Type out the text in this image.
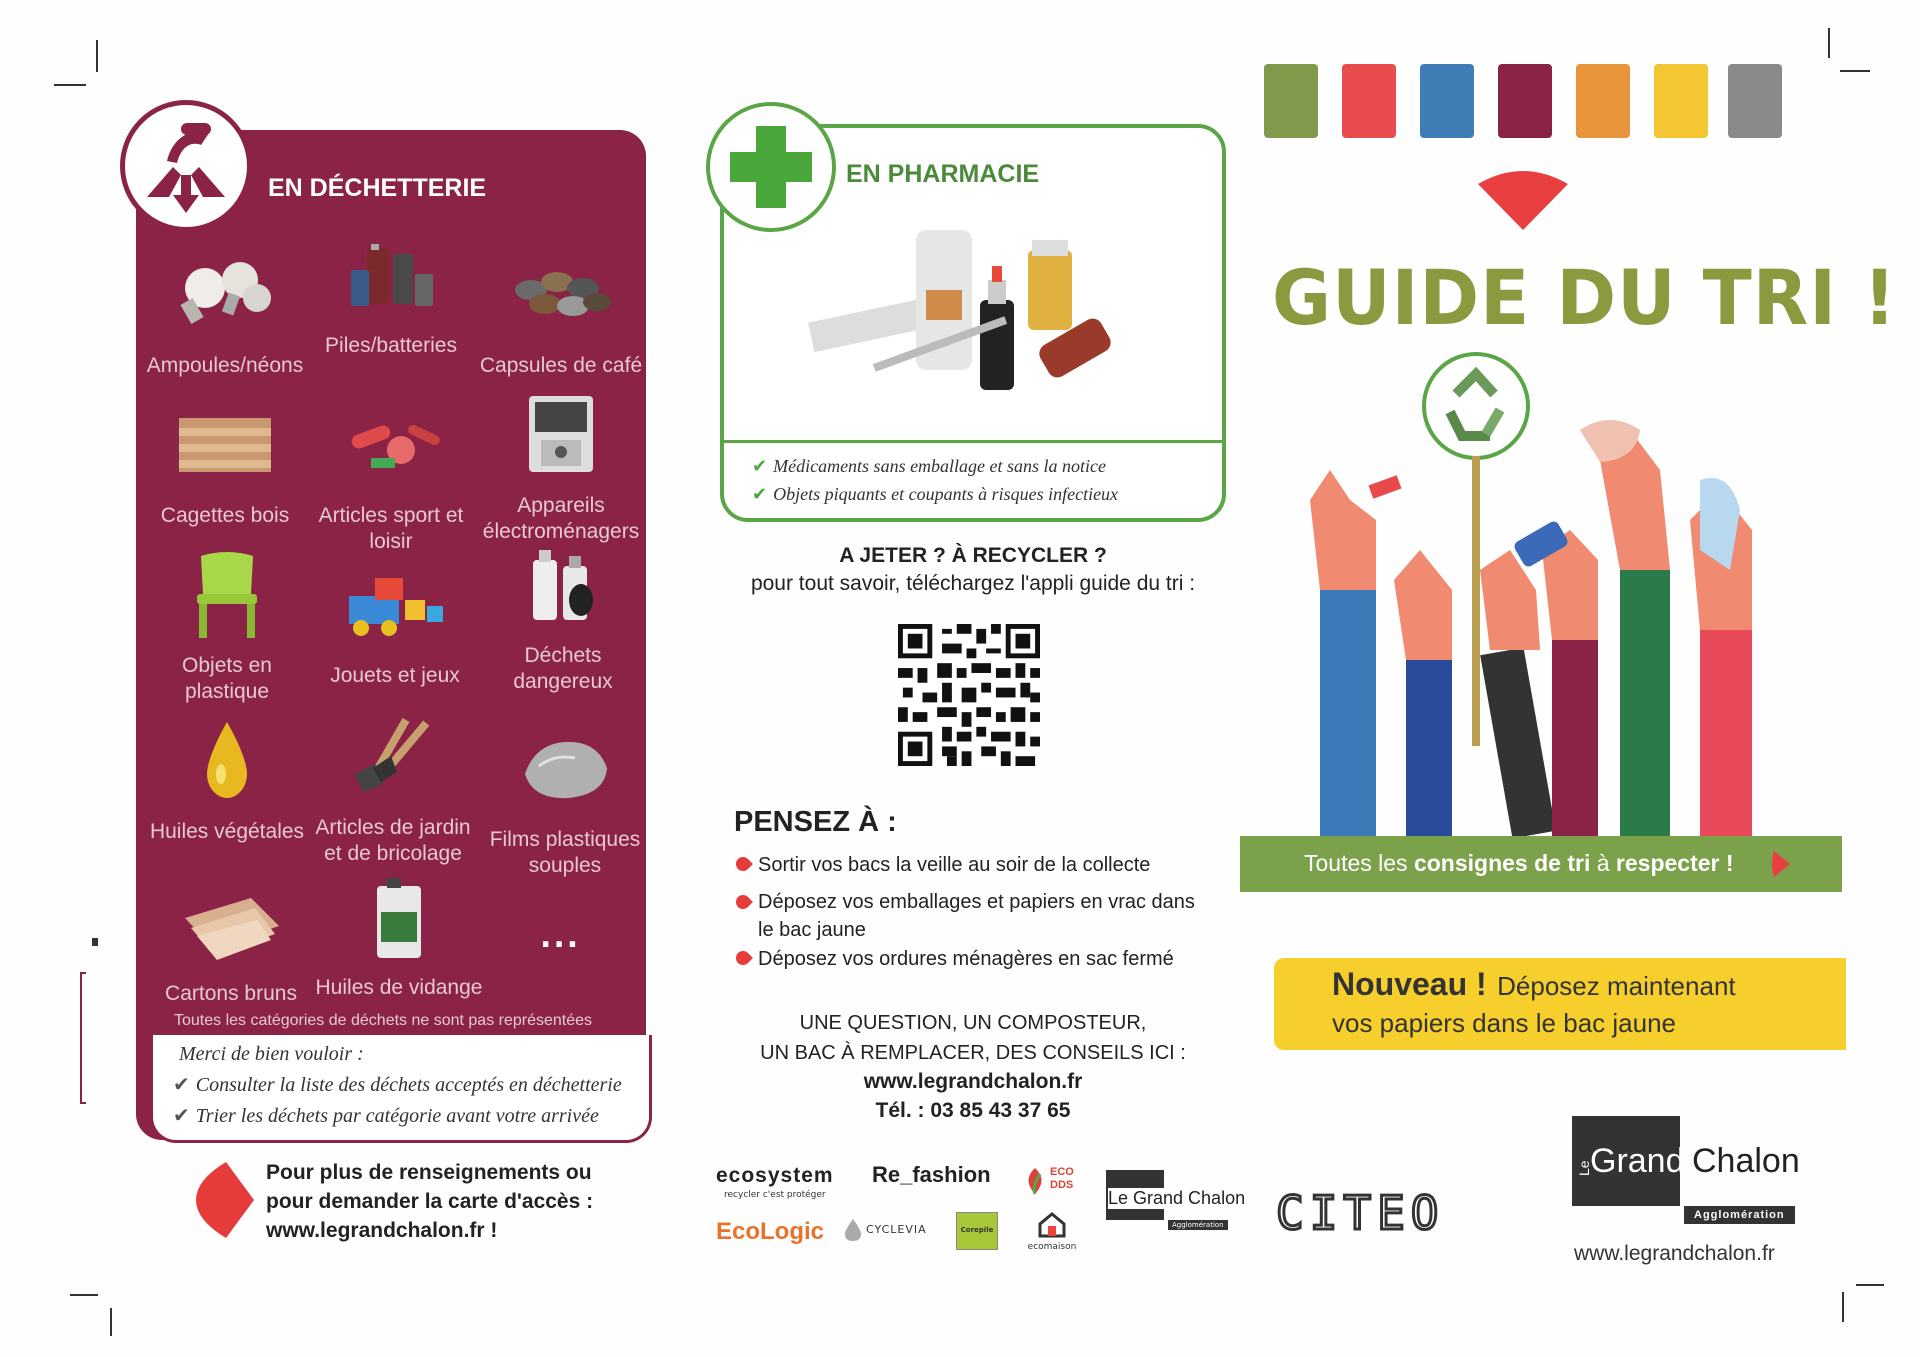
EN DÉCHETTERIE
Ampoules/néons
Piles/batteries
Capsules de café
Cagettes bois	Articles sport et loisir
Appareils électroménagers
Objets en plastique
Jouets et jeux
Déchets dangereux
Huiles végétales Articles de jardin et de bricolage
Films plastiques souples
Cartons bruns Huiles de vidange
...
Toutes les catégories de déchets ne sont pas représentées
Merci de bien vouloir :
✔ Consulter la liste des déchets acceptés en déchetterie
✔ Trier les déchets par catégorie avant votre arrivée
Pour plus de renseignements ou pour demander la carte d'accès : www.legrandchalon.fr !
EN PHARMACIE
✔ Médicaments sans emballage et sans la notice
✔ Objets piquants et coupants à risques infectieux
A JETER ? À RECYCLER ?
pour tout savoir, téléchargez l'appli guide du tri :
PENSEZ À :
Sortir vos bacs la veille au soir de la collecte
Déposez vos emballages et papiers en vrac dans le bac jaune
Déposez vos ordures ménagères en sac fermé
UNE QUESTION, UN COMPOSTEUR,
UN BAC À REMPLACER, DES CONSEILS ICI :
www.legrandchalon.fr
Tél. : 03 85 43 37 65
ecosystem
recycler c'est protéger
Re_fashion	ECO DDS
EcoLogic	CYCLEVIA	Corepile
ecomaison
Le Grand Chalon
Agglomération CITEO
GUIDE DU TRI !
Toutes les consignes de tri à respecter !
Nouveau ! Déposez maintenant
vos papiers dans le bac jaune
Le
Grand Chalon
Agglomération
www.legrandchalon.fr
